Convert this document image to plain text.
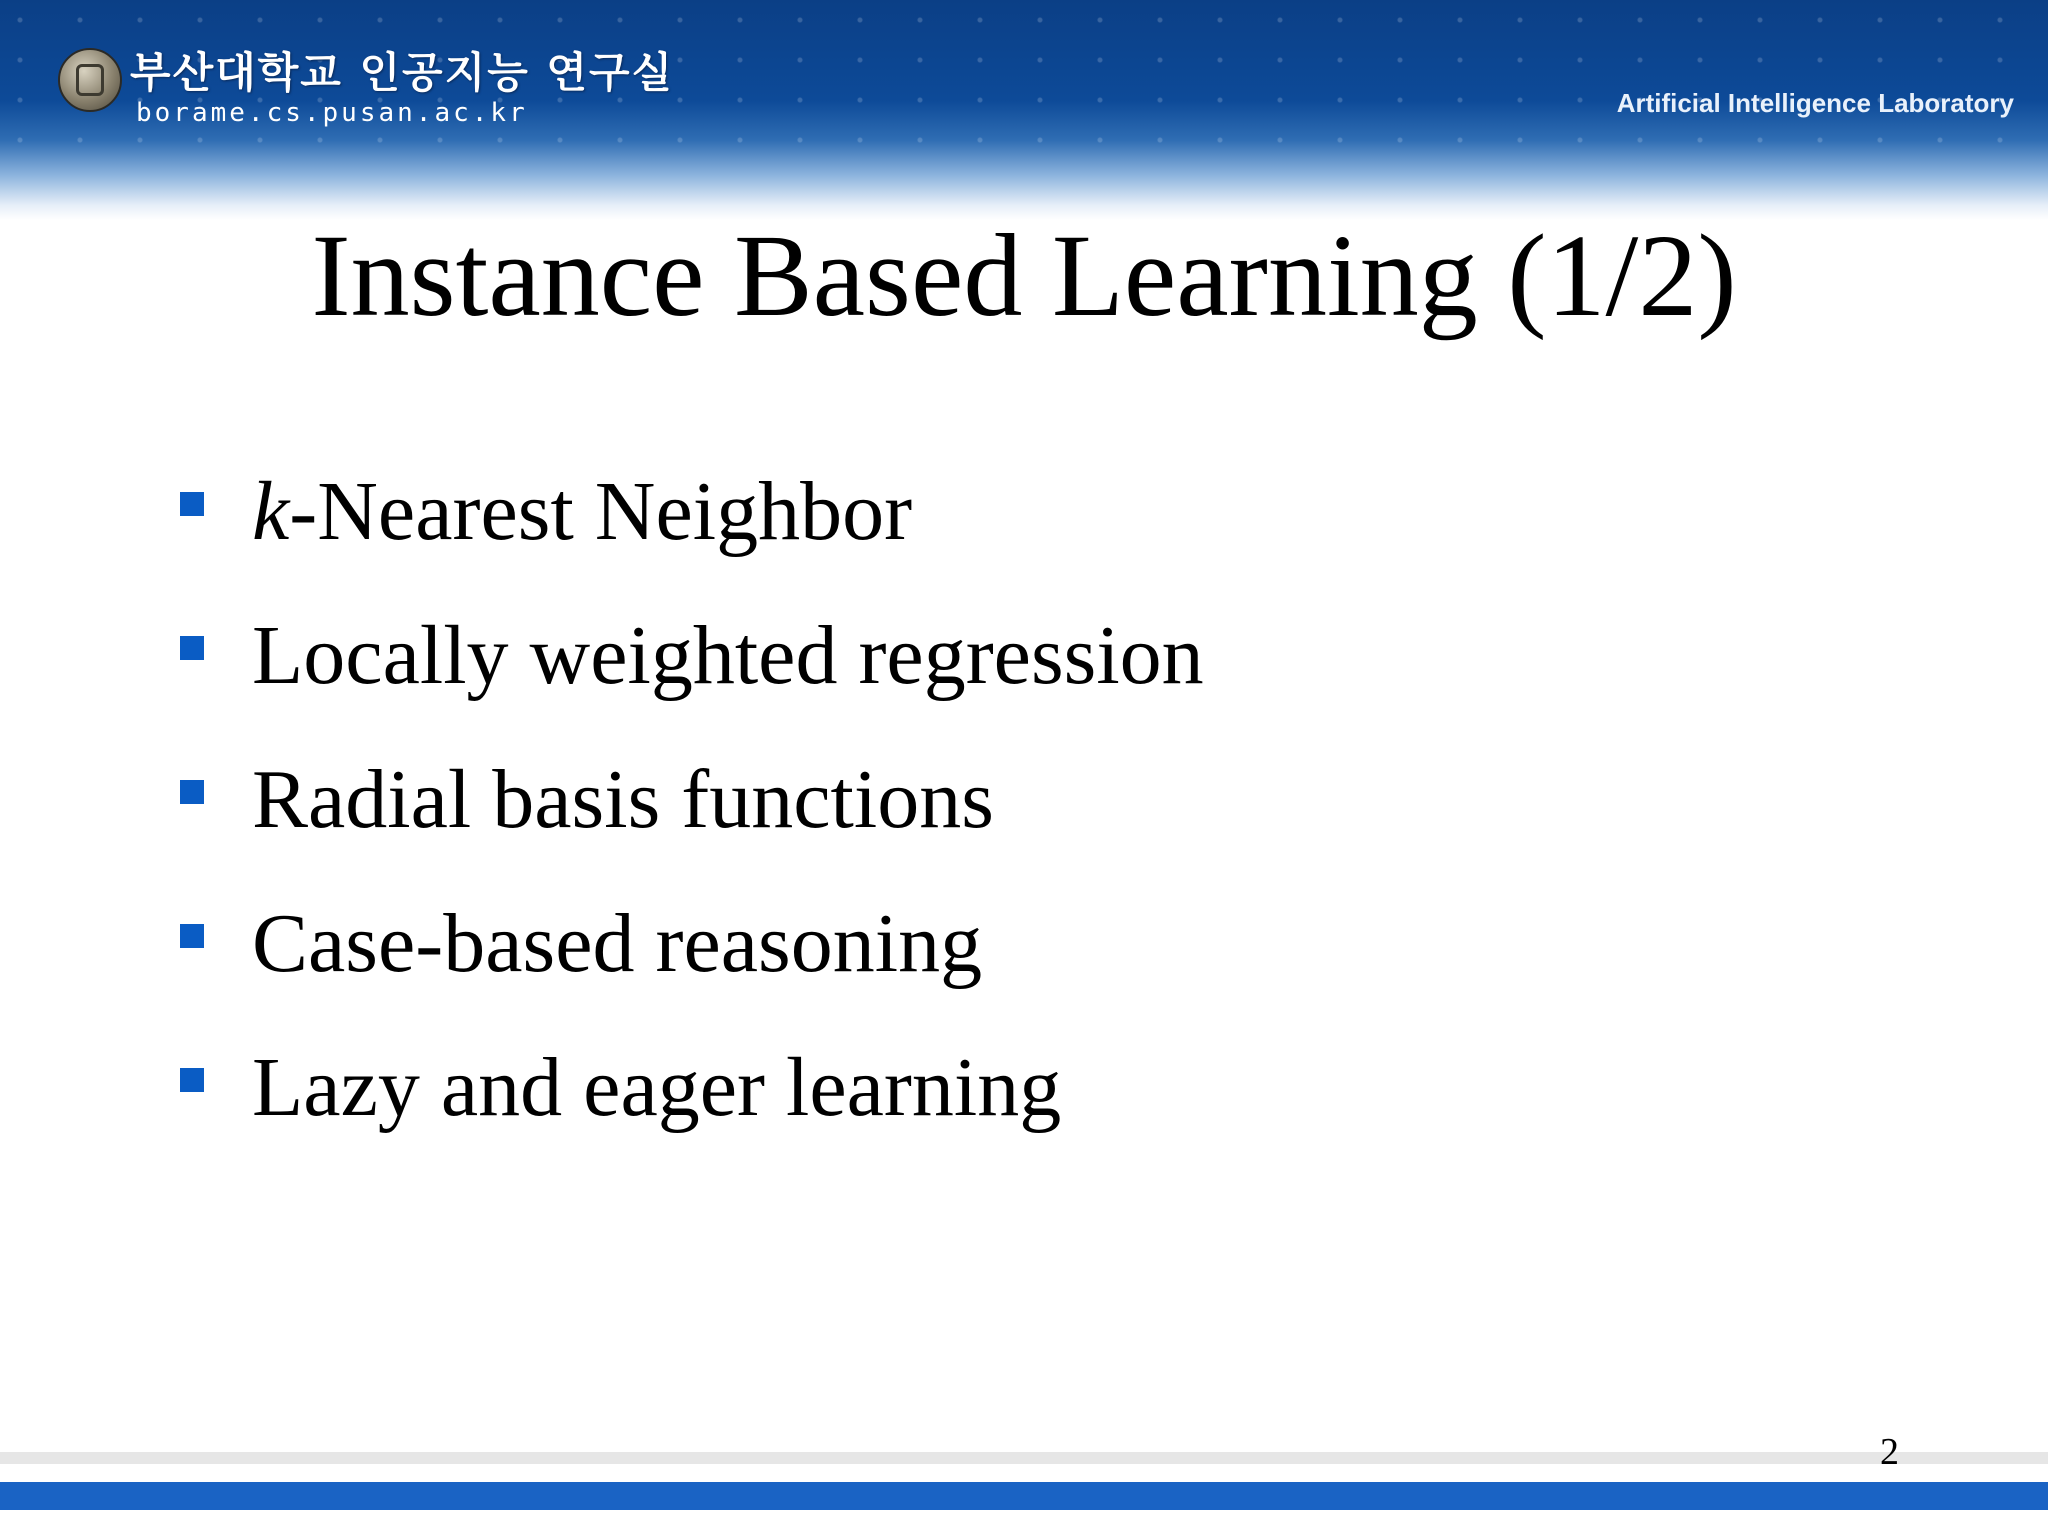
부산대학교 인공지능 연구실
borame.cs.pusan.ac.kr	Artificial Intelligence Laboratory
Instance Based Learning (1/2)
k-Nearest Neighbor
Locally weighted regression
Radial basis functions
Case-based reasoning
Lazy and eager learning
2
